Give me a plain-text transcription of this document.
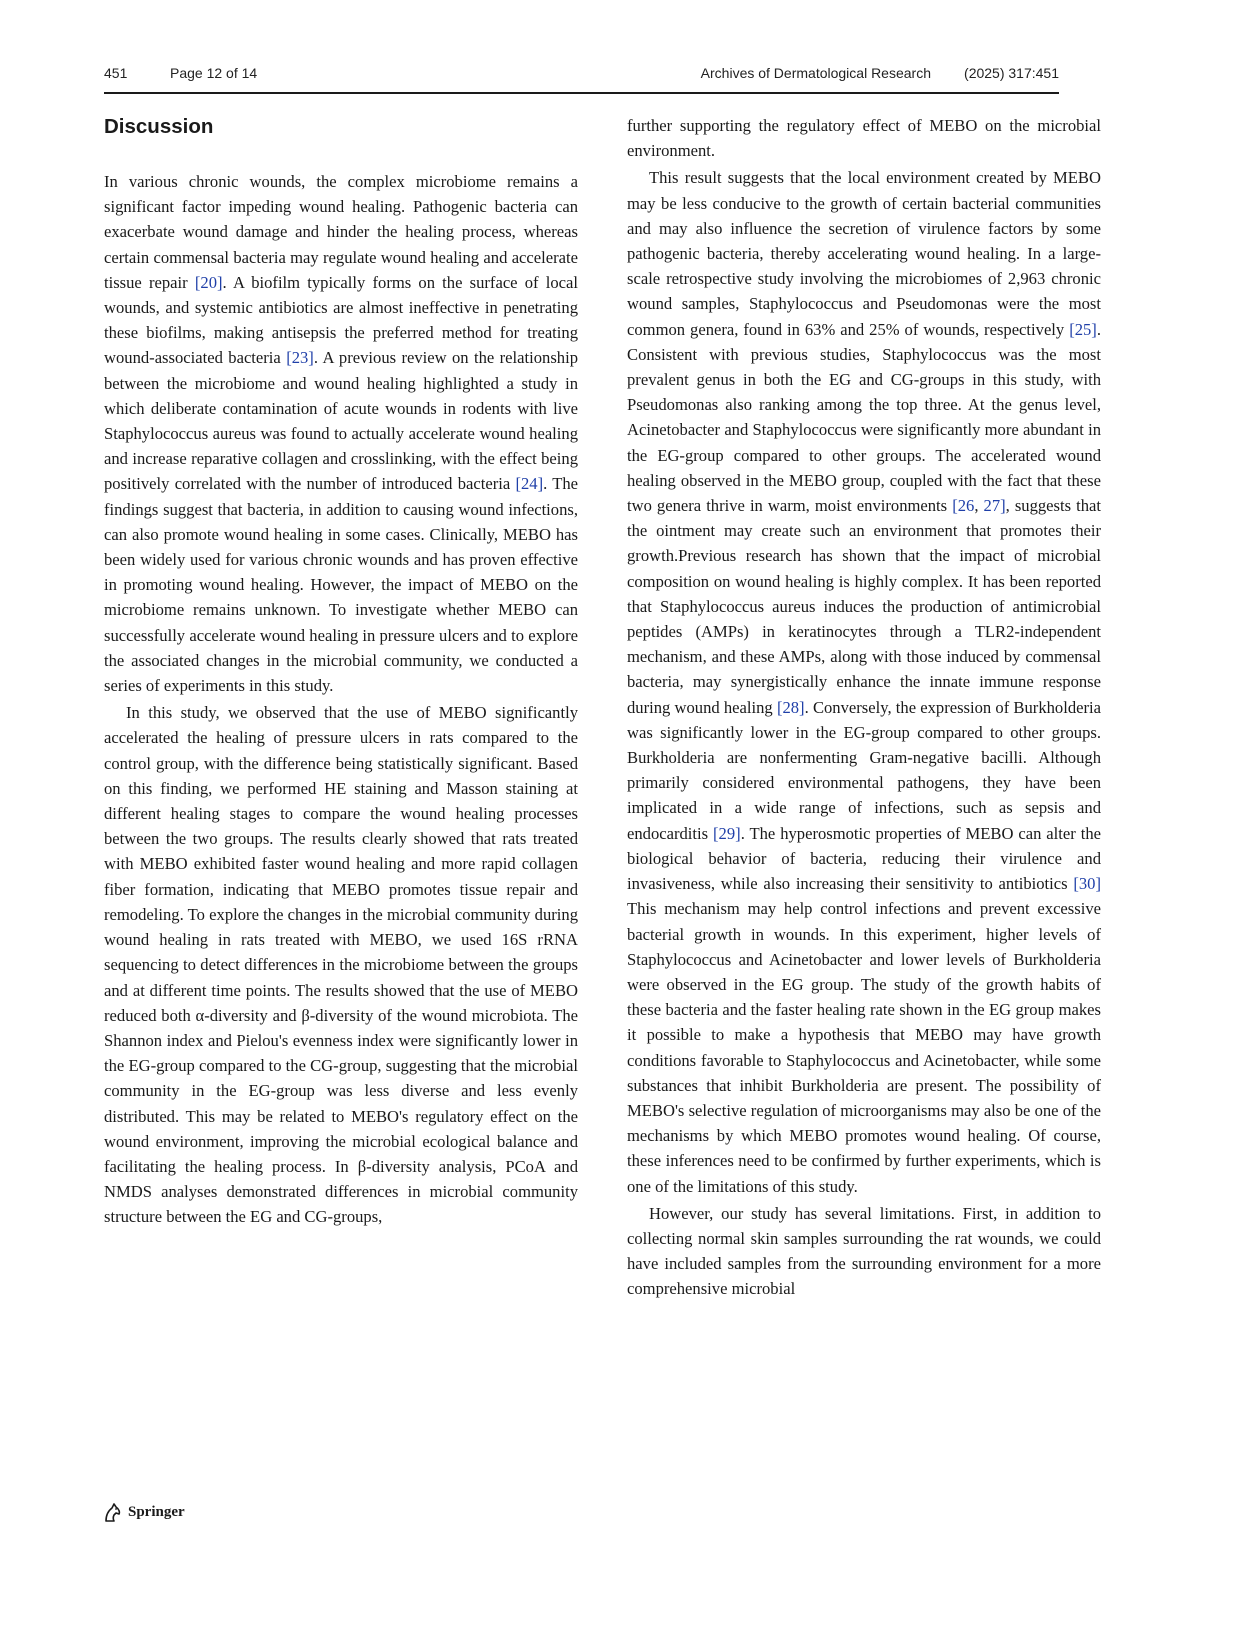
451	Page 12 of 14	Archives of Dermatological Research (2025) 317:451
Discussion

In various chronic wounds, the complex microbiome remains a significant factor impeding wound healing. Pathogenic bacteria can exacerbate wound damage and hinder the healing process, whereas certain commensal bacteria may regulate wound healing and accelerate tissue repair [20]. A biofilm typically forms on the surface of local wounds, and systemic antibiotics are almost ineffective in penetrating these biofilms, making antisepsis the preferred method for treating wound-associated bacteria [23]. A previous review on the relationship between the microbiome and wound healing highlighted a study in which deliberate contamination of acute wounds in rodents with live Staphylococcus aureus was found to actually accelerate wound healing and increase reparative collagen and crosslinking, with the effect being positively correlated with the number of introduced bacteria [24]. The findings suggest that bacteria, in addition to causing wound infections, can also promote wound healing in some cases. Clinically, MEBO has been widely used for various chronic wounds and has proven effective in promoting wound healing. However, the impact of MEBO on the microbiome remains unknown. To investigate whether MEBO can successfully accelerate wound healing in pressure ulcers and to explore the associated changes in the microbial community, we conducted a series of experiments in this study.

In this study, we observed that the use of MEBO significantly accelerated the healing of pressure ulcers in rats compared to the control group, with the difference being statistically significant. Based on this finding, we performed HE staining and Masson staining at different healing stages to compare the wound healing processes between the two groups. The results clearly showed that rats treated with MEBO exhibited faster wound healing and more rapid collagen fiber formation, indicating that MEBO promotes tissue repair and remodeling. To explore the changes in the microbial community during wound healing in rats treated with MEBO, we used 16S rRNA sequencing to detect differences in the microbiome between the groups and at different time points. The results showed that the use of MEBO reduced both α-diversity and β-diversity of the wound microbiota. The Shannon index and Pielou's evenness index were significantly lower in the EG-group compared to the CG-group, suggesting that the microbial community in the EG-group was less diverse and less evenly distributed. This may be related to MEBO's regulatory effect on the wound environment, improving the microbial ecological balance and facilitating the healing process. In β-diversity analysis, PCoA and NMDS analyses demonstrated differences in microbial community structure between the EG and CG-groups,

further supporting the regulatory effect of MEBO on the microbial environment.

This result suggests that the local environment created by MEBO may be less conducive to the growth of certain bacterial communities and may also influence the secretion of virulence factors by some pathogenic bacteria, thereby accelerating wound healing. In a large-scale retrospective study involving the microbiomes of 2,963 chronic wound samples, Staphylococcus and Pseudomonas were the most common genera, found in 63% and 25% of wounds, respectively [25]. Consistent with previous studies, Staphylococcus was the most prevalent genus in both the EG and CG-groups in this study, with Pseudomonas also ranking among the top three. At the genus level, Acinetobacter and Staphylococcus were significantly more abundant in the EG-group compared to other groups. The accelerated wound healing observed in the MEBO group, coupled with the fact that these two genera thrive in warm, moist environments [26, 27], suggests that the ointment may create such an environment that promotes their growth.Previous research has shown that the impact of microbial composition on wound healing is highly complex. It has been reported that Staphylococcus aureus induces the production of antimicrobial peptides (AMPs) in keratinocytes through a TLR2-independent mechanism, and these AMPs, along with those induced by commensal bacteria, may synergistically enhance the innate immune response during wound healing [28]. Conversely, the expression of Burkholderia was significantly lower in the EG-group compared to other groups. Burkholderia are nonfermenting Gram-negative bacilli. Although primarily considered environmental pathogens, they have been implicated in a wide range of infections, such as sepsis and endocarditis [29]. The hyperosmotic properties of MEBO can alter the biological behavior of bacteria, reducing their virulence and invasiveness, while also increasing their sensitivity to antibiotics [30] This mechanism may help control infections and prevent excessive bacterial growth in wounds. In this experiment, higher levels of Staphylococcus and Acinetobacter and lower levels of Burkholderia were observed in the EG group. The study of the growth habits of these bacteria and the faster healing rate shown in the EG group makes it possible to make a hypothesis that MEBO may have growth conditions favorable to Staphylococcus and Acinetobacter, while some substances that inhibit Burkholderia are present. The possibility of MEBO's selective regulation of microorganisms may also be one of the mechanisms by which MEBO promotes wound healing. Of course, these inferences need to be confirmed by further experiments, which is one of the limitations of this study.

However, our study has several limitations. First, in addition to collecting normal skin samples surrounding the rat wounds, we could have included samples from the surrounding environment for a more comprehensive microbial

Springer
